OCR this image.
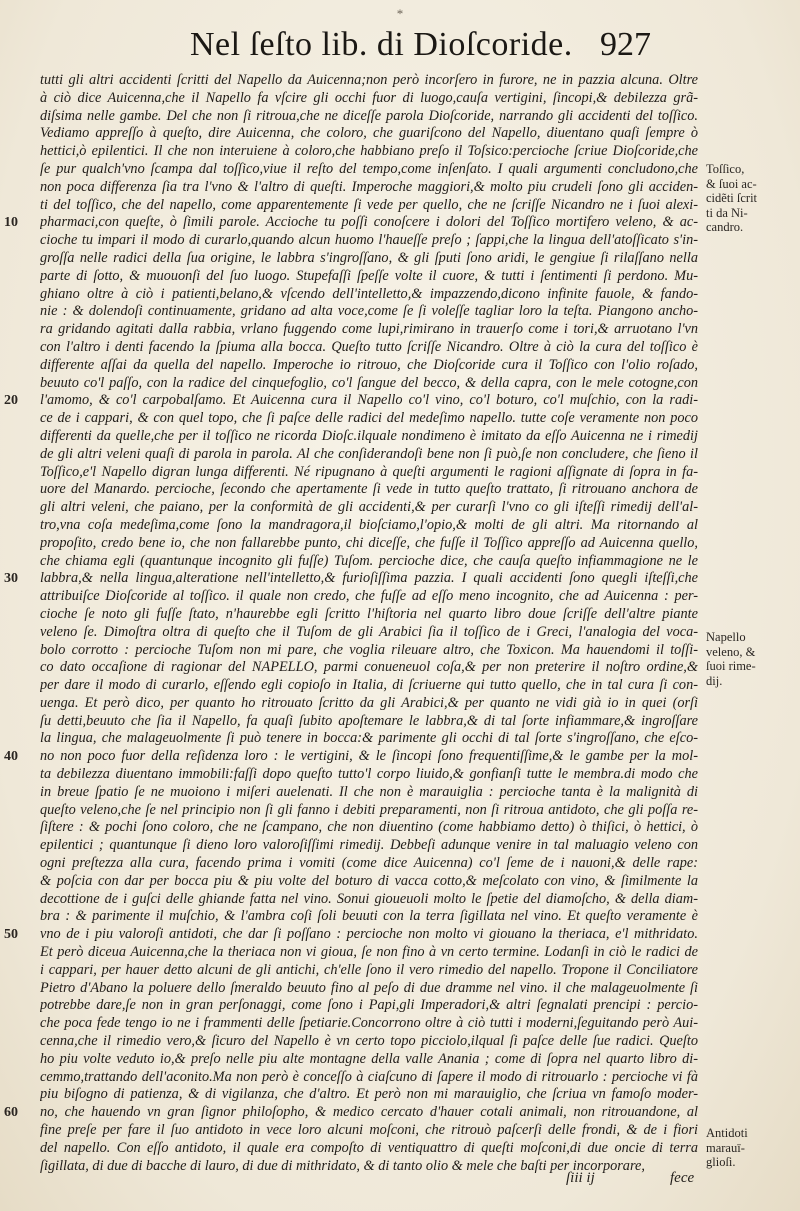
*
Nel ſeſto lib. di Dioſcoride. 927
tutti gli altri accidenti ſcritti del Napello da Auicenna;non però incorſero in furore, ne in pazzia alcuna. Oltre
à ciò dice Auicenna,che il Napello fa vſcire gli occhi fuor di luogo,cauſa vertigini, ſincopi,& debilezza grã-
diſsima nelle gambe. Del che non ſi ritroua,che ne diceſſe parola Dioſcoride, narrando gli accidenti del toſſico.
Vediamo appreſſo à queſto, dire Auicenna, che coloro, che guariſcono del Napello, diuentano quaſi ſempre ò
hettici,ò epilentici. Il che non interuiene à coloro,che habbiano preſo il Toſsico:percioche ſcriue Dioſcoride,che
ſe pur qualch'vno ſcampa dal toſſico,viue il reſto del tempo,come inſenſato. I quali argumenti concludono,che
non poca differenza ſia tra l'vno & l'altro di queſti. Imperoche maggiori,& molto piu crudeli ſono gli acciden-
ti del toſſico, che del napello, come apparentemente ſi vede per quello, che ne ſcriſſe Nicandro ne i ſuoi alexi-
pharmaci,con queſte, ò ſimili parole. Accioche tu poſſi conoſcere i dolori del Toſſico mortifero veleno, & ac-
cioche tu impari il modo di curarlo,quando alcun huomo l'haueſſe preſo ; ſappi,che la lingua dell'atoſſicato s'in-
groſſa nelle radici della ſua origine, le labbra s'ingroſſano, & gli ſputi ſono aridi, le gengiue ſi rilaſſano nella
parte di ſotto, & muouonſi del ſuo luogo. Stupefaſſi ſpeſſe volte il cuore, & tutti i ſentimenti ſi perdono. Mu-
ghiano oltre à ciò i patienti,belano,& vſcendo dell'intelletto,& impazzendo,dicono infinite fauole, & fando-
nie : & dolendoſi continuamente, gridano ad alta voce,come ſe ſi voleſſe tagliar loro la teſta. Piangono ancho-
ra gridando agitati dalla rabbia, vrlano fuggendo come lupi,rimirano in trauerſo come i tori,& arruotano l'vn
con l'altro i denti facendo la ſpiuma alla bocca. Queſto tutto ſcriſſe Nicandro. Oltre à ciò la cura del toſſico è
differente aſſai da quella del napello. Imperoche io ritrouo, che Dioſcoride cura il Toſſico con l'olio roſado,
beuuto co'l paſſo, con la radice del cinquefoglio, co'l ſangue del becco, & della capra, con le mele cotogne,con
l'amomo, & co'l carpobalſamo. Et Auicenna cura il Napello co'l vino, co'l boturo, co'l muſchio, con la radi-
ce de i cappari, & con quel topo, che ſi paſce delle radici del medeſimo napello. tutte coſe veramente non poco
differenti da quelle,che per il toſſico ne ricorda Dioſc.ilquale nondimeno è imitato da eſſo Auicenna ne i rimedij
de gli altri veleni quaſi di parola in parola. Al che conſiderandoſi bene non ſi può,ſe non concludere, che ſieno il
Toſſico,e'l Napello digran lunga differenti. Né ripugnano à queſti argumenti le ragioni aſſignate di ſopra in fa-
uore del Manardo. percioche, ſecondo che apertamente ſi vede in tutto queſto trattato, ſi ritrouano anchora de
gli altri veleni, che paiano, per la conformità de gli accidenti,& per curarſi l'vno co gli iſteſſi rimedij dell'al-
tro,vna coſa medeſima,come ſono la mandragora,il bioſciamo,l'opio,& molti de gli altri. Ma ritornando al
propoſito, credo bene io, che non fallarebbe punto, chi diceſſe, che fuſſe il Toſſico appreſſo ad Auicenna quello,
che chiama egli (quantunque incognito gli fuſſe) Tuſom. percioche dice, che cauſa queſto infiammagione ne le
labbra,& nella lingua,alteratione nell'intelletto,& furioſiſſima pazzia. I quali accidenti ſono quegli iſteſſi,che
attribuiſce Dioſcoride al toſſico. il quale non credo, che fuſſe ad eſſo meno incognito, che ad Auicenna : per-
cioche ſe noto gli fuſſe ſtato, n'haurebbe egli ſcritto l'hiſtoria nel quarto libro doue ſcriſſe dell'altre piante
veleno ſe. Dimoſtra oltra di queſto che il Tuſom de gli Arabici ſia il toſſico de i Greci, l'analogia del voca-
bolo corrotto : percioche Tuſom non mi pare, che voglia rileuare altro, che Toxicon. Ma hauendomi il toſſi-
co dato occaſione di ragionar del NAPELLO, parmi conueneuol coſa,& per non preterire il noſtro ordine,&
per dare il modo di curarlo, eſſendo egli copioſo in Italia, di ſcriuerne qui tutto quello, che in tal cura ſi con-
uenga. Et però dico, per quanto ho ritrouato ſcritto da gli Arabici,& per quanto ne vidi già io in quei (orſi
ſu detti,beuuto che ſia il Napello, fa quaſi ſubito apoſtemare le labbra,& di tal ſorte infiammare,& ingroſſare
la lingua, che malageuolmente ſi può tenere in bocca:& parimente gli occhi di tal ſorte s'ingroſſano, che eſco-
no non poco fuor della reſidenza loro : le vertigini, & le ſincopi ſono frequentiſſime,& le gambe per la mol-
ta debilezza diuentano immobili:faſſi dopo queſto tutto'l corpo liuido,& gonfianſi tutte le membra.di modo che
in breue ſpatio ſe ne muoiono i miſeri auelenati. Il che non è marauiglia : percioche tanta è la malignità di
queſto veleno,che ſe nel principio non ſi gli fanno i debiti preparamenti, non ſi ritroua antidoto, che gli poſſa re-
ſiſtere : & pochi ſono coloro, che ne ſcampano, che non diuentino (come habbiamo detto) ò thiſici, ò hettici, ò
epilentici ; quantunque ſi dieno loro valoroſiſſimi rimedij. Debbeſi adunque venire in tal maluagio veleno con
ogni preſtezza alla cura, facendo prima i vomiti (come dice Auicenna) co'l ſeme de i nauoni,& delle rape:
& poſcia con dar per bocca piu & piu volte del boturo di vacca cotto,& meſcolato con vino, & ſimilmente la
decottione de i guſci delle ghiande fatta nel vino. Sonui gioueuoli molto le ſpetie del diamoſcho, & della diam-
bra : & parimente il muſchio, & l'ambra coſi ſoli beuuti con la terra ſigillata nel vino. Et queſto veramente è
vno de i piu valoroſi antidoti, che dar ſi poſſano : percioche non molto vi giouano la theriaca, e'l mithridato.
Et però diceua Auicenna,che la theriaca non vi gioua, ſe non fino à vn certo termine. Lodanſi in ciò le radici de
i cappari, per hauer detto alcuni de gli antichi, ch'elle ſono il vero rimedio del napello. Tropone il Conciliatore
Pietro d'Abano la poluere dello ſmeraldo beuuto fino al peſo di due dramme nel vino. il che malageuolmente ſi
potrebbe dare,ſe non in gran perſonaggi, come ſono i Papi,gli Imperadori,& altri ſegnalati prencipi : percio-
che poca fede tengo io ne i frammenti delle ſpetiarie.Concorrono oltre à ciò tutti i moderni,ſeguitando però Aui-
cenna,che il rimedio vero,& ſicuro del Napello è vn certo topo picciolo,ilqual ſi paſce delle ſue radici. Queſto
ho piu volte veduto io,& preſo nelle piu alte montagne della valle Anania ; come di ſopra nel quarto libro di-
cemmo,trattando dell'aconito.Ma non però è conceſſo à ciaſcuno di ſapere il modo di ritrouarlo : percioche vi fà
piu biſogno di patienza, & di vigilanza, che d'altro. Et però non mi marauiglio, che ſcriua vn famoſo moder-
no, che hauendo vn gran ſignor philoſopho, & medico cercato d'hauer cotali animali, non ritrouandone, al
fine preſe per fare il ſuo antidoto in vece loro alcuni moſconi, che ritrouò paſcerſi delle frondi, & de i fiori
del napello. Con eſſo antidoto, il quale era compoſto di ventiquattro di queſti moſconi,di due oncie di terra
ſigillata, di due di bacche di lauro, di due di mithridato, & di tanto olio & mele che baſti per incorporare,
10
20
30
40
50
60
Toſſico,
& ſuoi ac-
cidẽti ſcrit
ti da Ni-
candro.
Napello
veleno, &
ſuoi rime-
dij.
Antidoti
marauī-
glioſi.
ſiii ij	fece
